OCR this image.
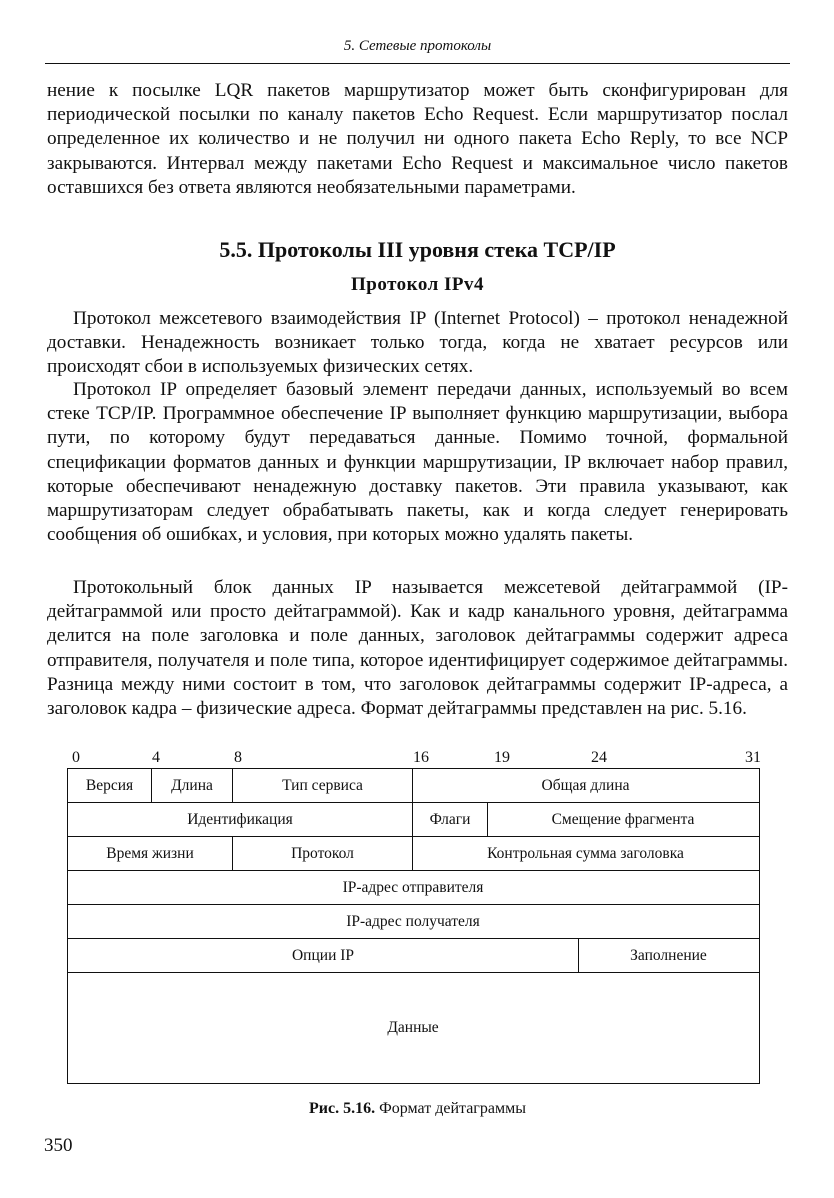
5. Сетевые протоколы

нение к посылке LQR пакетов маршрутизатор может быть сконфигурирован для периодической посылки по каналу пакетов Echo Request. Если маршрутизатор послал определенное их количество и не получил ни одного пакета Echo Reply, то все NCP закрываются. Интервал между пакетами Echo Request и максимальное число пакетов оставшихся без ответа являются необязательными параметрами.

5.5. Протоколы III уровня стека TCP/IP
Протокол IPv4

Протокол межсетевого взаимодействия IP (Internet Protocol) – протокол ненадежной доставки. Ненадежность возникает только тогда, когда не хватает ресурсов или происходят сбои в используемых физических сетях.

Протокол IP определяет базовый элемент передачи данных, используемый во всем стеке TCP/IP. Программное обеспечение IP выполняет функцию маршрутизации, выбора пути, по которому будут передаваться данные. Помимо точной, формальной спецификации форматов данных и функции маршрутизации, IP включает набор правил, которые обеспечивают ненадежную доставку пакетов. Эти правила указывают, как маршрутизаторам следует обрабатывать пакеты, как и когда следует генерировать сообщения об ошибках, и условия, при которых можно удалять пакеты.

Протокольный блок данных IP называется межсетевой дейтаграммой (IP-дейтаграммой или просто дейтаграммой). Как и кадр канального уровня, дейтаграмма делится на поле заголовка и поле данных, заголовок дейтаграммы содержит адреса отправителя, получателя и поле типа, которое идентифицирует содержимое дейтаграммы. Разница между ними состоит в том, что заголовок дейтаграммы содержит IP-адреса, а заголовок кадра – физические адреса. Формат дейтаграммы представлен на рис. 5.16.

0	4	8	16	19	24	31
Версия	Длина	Тип сервиса	Общая длина
Идентификация	Флаги	Смещение фрагмента
Время жизни	Протокол	Контрольная сумма заголовка
IP-адрес отправителя
IP-адрес получателя
Опции IP	Заполнение
Данные
Рис. 5.16. Формат дейтаграммы
350
